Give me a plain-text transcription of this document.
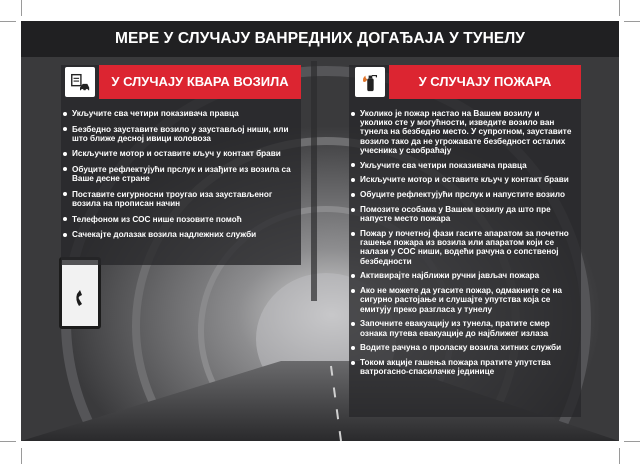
МЕРЕ У СЛУЧАЈУ ВАНРЕДНИХ ДОГАЂАЈА У ТУНЕЛУ
У СЛУЧАЈУ КВАРА ВОЗИЛА
Укључите сва четири показивача правца
Безбедно зауставите возило у заустављој ниши, или што ближе десној ивици коловоза
Искључите мотор и оставите кључ у контакт брави
Обуците рефлектујући прслук и изађите из возила са Ваше десне стране
Поставите сигурносни троугао иза заустављеног возила на прописан начин
Телефоном из СОС нише позовите помоћ
Сачекајте долазак возила надлежних служби
У СЛУЧАЈУ ПОЖАРА
Уколико је пожар настао на Вашем возилу и уколико сте у могућности, изведите возило ван тунела на безбедно место. У супротном, зауставите возило тако да не угрожавате безбедност осталих учесника у саобраћају
Укључите сва четири показивача правца
Искључите мотор и оставите кључ у контакт брави
Обуците рефлектујући прслук и напустите возило
Помозите особама у Вашем возилу да што пре напусте место пожара
Пожар у почетној фази гасите апаратом за почетно гашење пожара из возила или апаратом који се налази у СОС ниши, водећи рачуна о сопственој безбедности
Активирајте најближи ручни јављач пожара
Ако не можете да угасите пожар, одмакните се на сигурно растојање и слушајте упутства која се емитују преко разгласа у тунелу
Започните евакуацију из тунела, пратите смер ознака путева евакуације до најближег излаза
Водите рачуна о проласку возила хитних служби
Током акције гашења пожара пратите упутства ватрогасно-спасилачке јединице
